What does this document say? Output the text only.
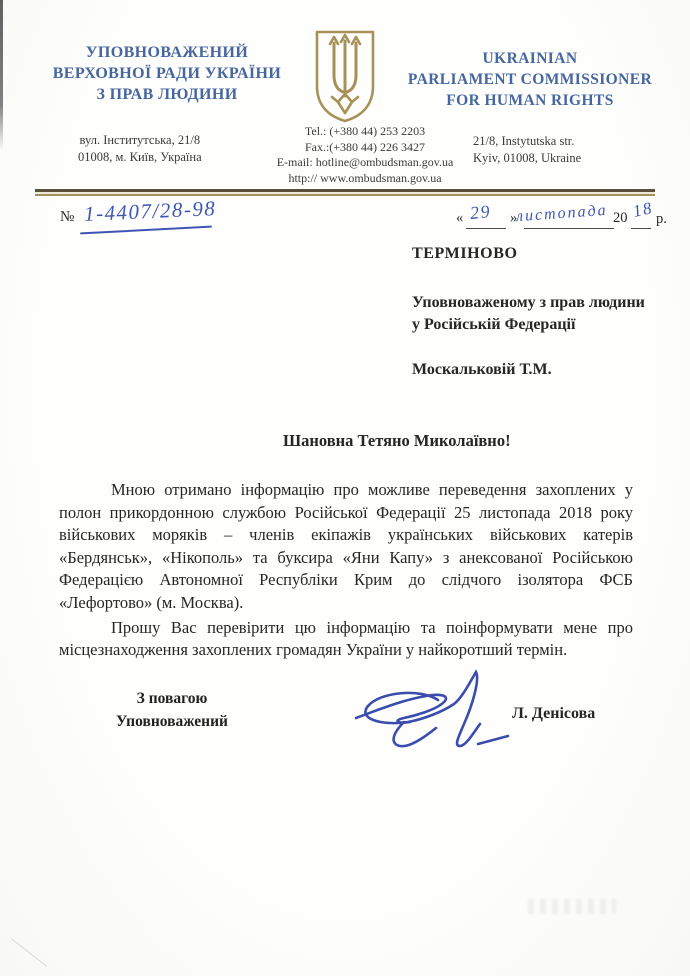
УПОВНОВАЖЕНИЙ
ВЕРХОВНОЇ РАДИ УКРАЇНИ
З ПРАВ ЛЮДИНИ
UKRAINIAN
PARLIAMENT COMMISSIONER
FOR HUMAN RIGHTS
вул. Інститутська, 21/8
01008, м. Київ, Україна
Tel.: (+380 44) 253 2203
Fax.:(+380 44) 226 3427
E-mail: hotline@ombudsman.gov.ua
http:// www.ombudsman.gov.ua
21/8, Instytutska str.
Kyiv, 01008, Ukraine
№ 1-4407/28-98	« 29 »
листопада 20 18 р.
ТЕРМІНОВО
Уповноваженому з прав людини
у Російській Федерації
Москальковій Т.М.
Шановна Тетяно Миколаївно!

Мною отримано інформацію про можливе переведення захоплених у полон прикордонною службою Російської Федерації 25 листопада 2018 року військових моряків – членів екіпажів українських військових катерів «Бердянськ», «Нікополь» та буксира «Яни Капу» з анексованої Російською Федерацією Автономної Республіки Крим до слідчого ізолятора ФСБ «Лефортово» (м. Москва).

Прошу Вас перевірити цю інформацію та поінформувати мене про місцезнаходження захоплених громадян України у найкоротший термін.

З повагою
Уповноважений	Л. Денісова
